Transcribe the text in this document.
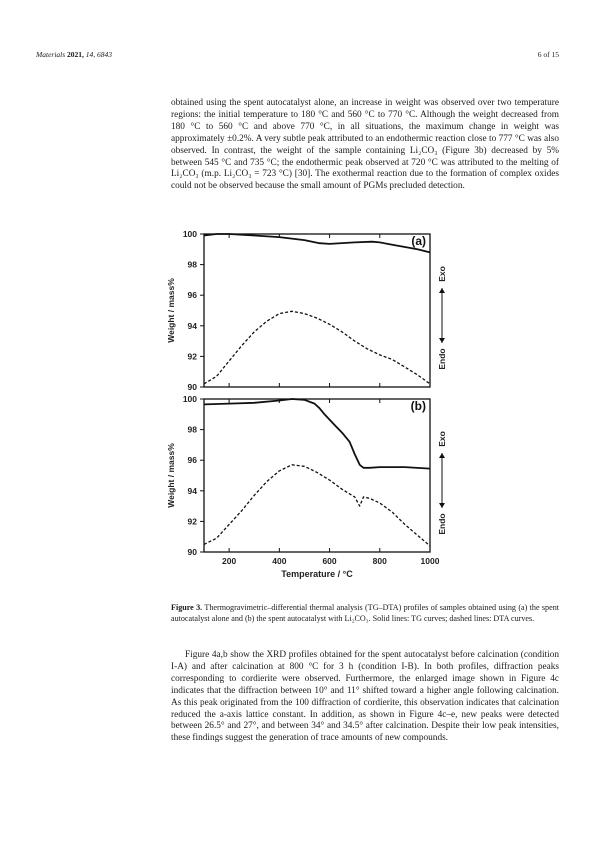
Materials 2021, 14, 6843	6 of 15

obtained using the spent autocatalyst alone, an increase in weight was observed over two temperature regions: the initial temperature to 180 °C and 560 °C to 770 °C. Although the weight decreased from 180 °C to 560 °C and above 770 °C, in all situations, the maximum change in weight was approximately ±0.2%. A very subtle peak attributed to an endothermic reaction close to 777 °C was also observed. In contrast, the weight of the sample containing Li₂CO₃ (Figure 3b) decreased by 5% between 545 °C and 735 °C; the endothermic peak observed at 720 °C was attributed to the melting of Li₂CO₃ (m.p. Li₂CO₃ = 723 °C) [30]. The exothermal reaction due to the formation of complex oxides could not be observed because the small amount of PGMs precluded detection.

90
92
94
96
98
100	(a)
Weight / mass%
Exo
Endo
90
92
94
96
98
100
200	400	600	800	1000
(b)
Weight / mass%
Exo
Endo
Temperature / °C

Figure 3. Thermogravimetric–differential thermal analysis (TG–DTA) profiles of samples obtained using (a) the spent autocatalyst alone and (b) the spent autocatalyst with Li₂CO₃. Solid lines: TG curves; dashed lines: DTA curves.

Figure 4a,b show the XRD profiles obtained for the spent autocatalyst before calcination (condition I-A) and after calcination at 800 °C for 3 h (condition I-B). In both profiles, diffraction peaks corresponding to cordierite were observed. Furthermore, the enlarged image shown in Figure 4c indicates that the diffraction between 10° and 11° shifted toward a higher angle following calcination. As this peak originated from the 100 diffraction of cordierite, this observation indicates that calcination reduced the a-axis lattice constant. In addition, as shown in Figure 4c–e, new peaks were detected between 26.5° and 27°, and between 34° and 34.5° after calcination. Despite their low peak intensities, these findings suggest the generation of trace amounts of new compounds.
